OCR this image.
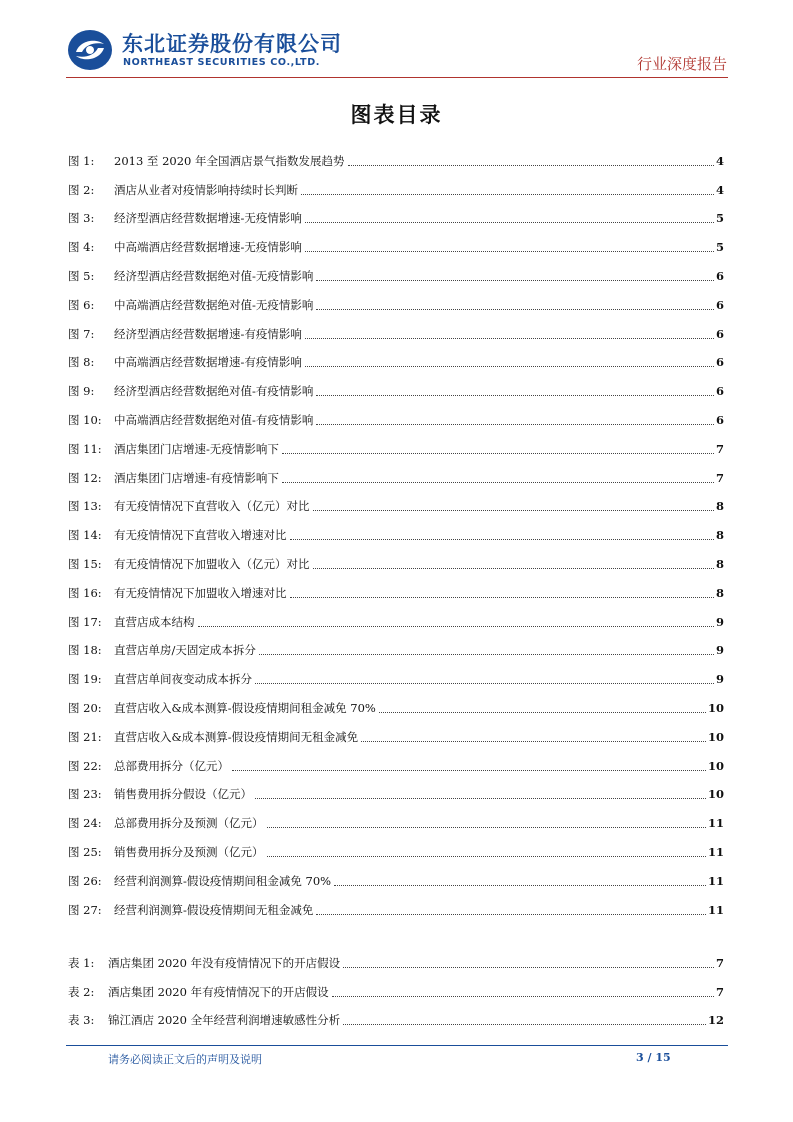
东北证券股份有限公司
NORTHEAST SECURITIES CO.,LTD.	行业深度报告
图表目录
图 1:	2013 至 2020 年全国酒店景气指数发展趋势	4
图 2:	酒店从业者对疫情影响持续时长判断	4
图 3:	经济型酒店经营数据增速-无疫情影响	5
图 4:	中高端酒店经营数据增速-无疫情影响	5
图 5:	经济型酒店经营数据绝对值-无疫情影响	6
图 6:	中高端酒店经营数据绝对值-无疫情影响	6
图 7:	经济型酒店经营数据增速-有疫情影响	6
图 8:	中高端酒店经营数据增速-有疫情影响	6
图 9:	经济型酒店经营数据绝对值-有疫情影响	6
图 10:	中高端酒店经营数据绝对值-有疫情影响	6
图 11:	酒店集团门店增速-无疫情影响下	7
图 12:	酒店集团门店增速-有疫情影响下	7
图 13:	有无疫情情况下直营收入（亿元）对比	8
图 14:	有无疫情情况下直营收入增速对比	8
图 15:	有无疫情情况下加盟收入（亿元）对比	8
图 16:	有无疫情情况下加盟收入增速对比	8
图 17:	直营店成本结构	9
图 18:	直营店单房/天固定成本拆分	9
图 19:	直营店单间夜变动成本拆分	9
图 20:	直营店收入&成本测算-假设疫情期间租金减免 70%	10
图 21:	直营店收入&成本测算-假设疫情期间无租金减免	10
图 22:	总部费用拆分（亿元）	10
图 23:	销售费用拆分假设（亿元）	10
图 24:	总部费用拆分及预测（亿元）	11
图 25:	销售费用拆分及预测（亿元）	11
图 26:	经营利润测算-假设疫情期间租金减免 70%	11
图 27:	经营利润测算-假设疫情期间无租金减免	11
表 1:	酒店集团 2020 年没有疫情情况下的开店假设	7
表 2:	酒店集团 2020 年有疫情情况下的开店假设	7
表 3:	锦江酒店 2020 全年经营利润增速敏感性分析	12
请务必阅读正文后的声明及说明	3 / 15
